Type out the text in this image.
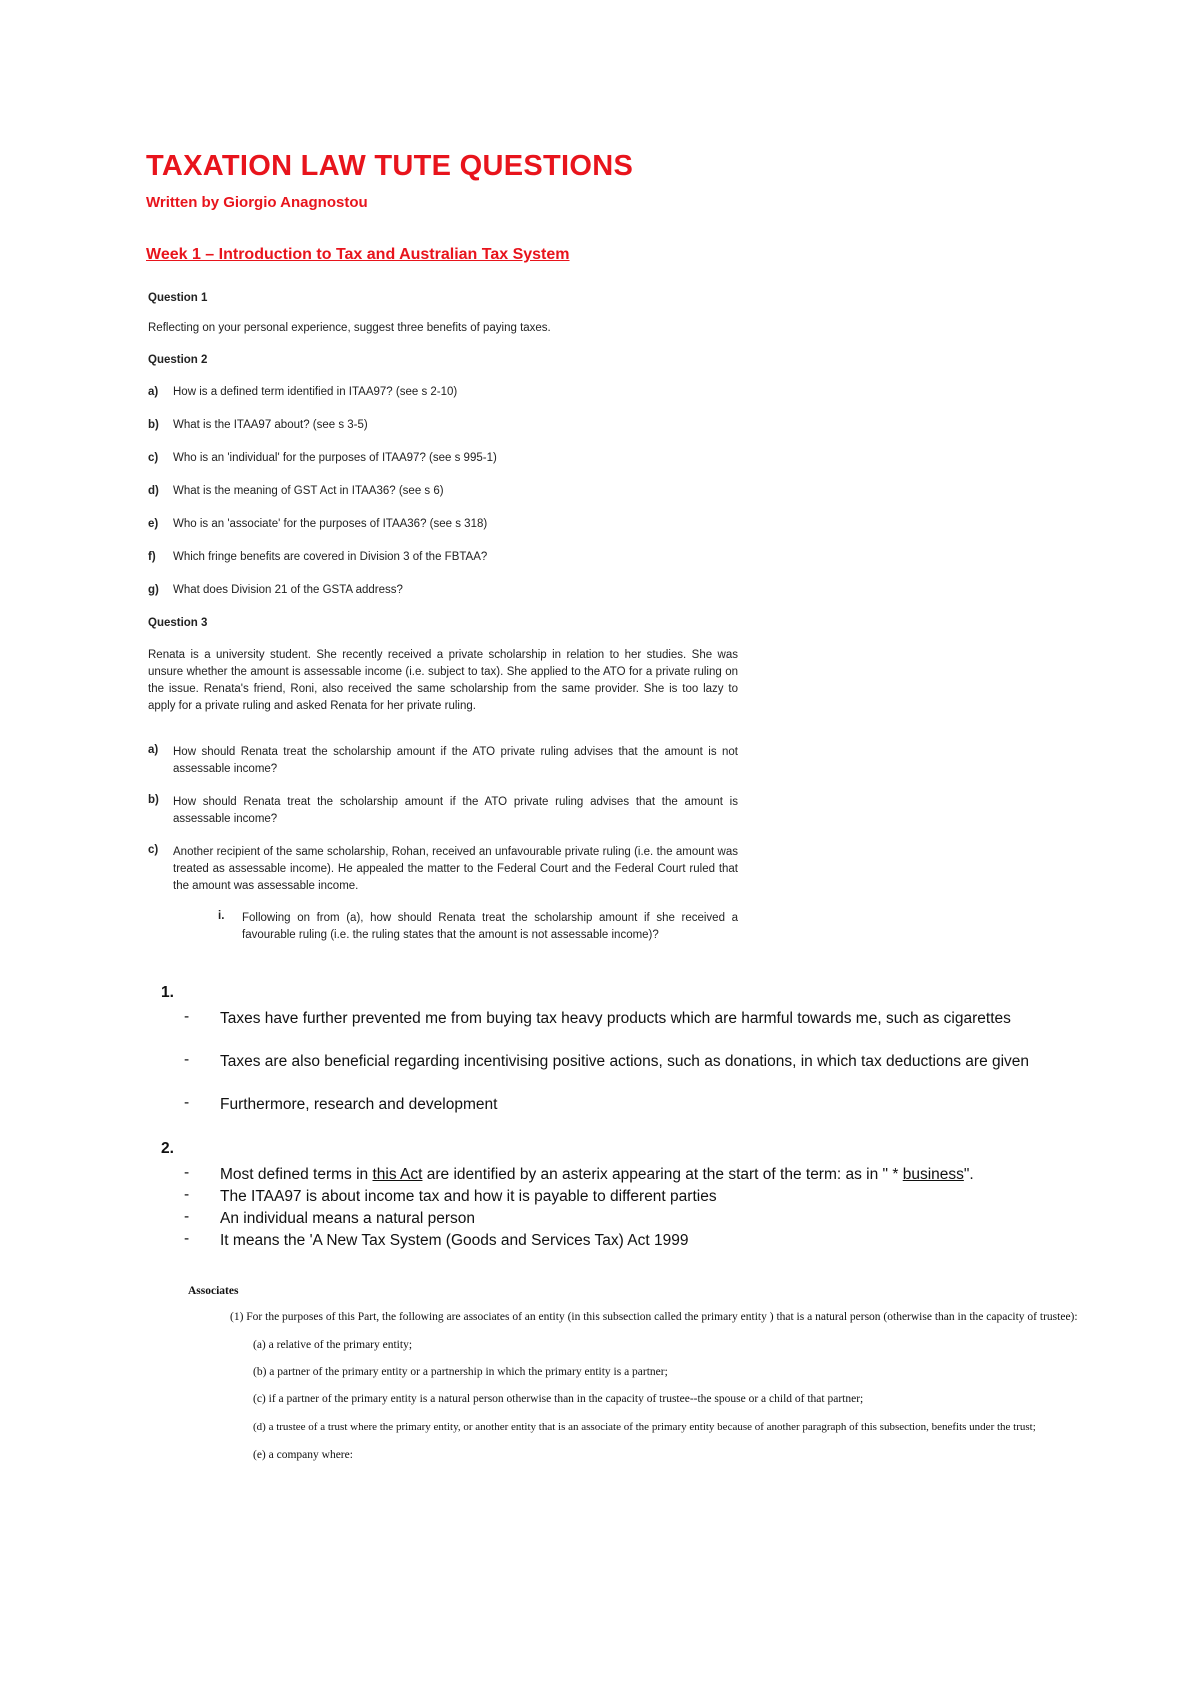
TAXATION LAW TUTE QUESTIONS
Written by Giorgio Anagnostou
Week 1 – Introduction to Tax and Australian Tax System
Question 1
Reflecting on your personal experience, suggest three benefits of paying taxes.
Question 2
a) How is a defined term identified in ITAA97? (see s 2-10)
b) What is the ITAA97 about? (see s 3-5)
c) Who is an 'individual' for the purposes of ITAA97? (see s 995-1)
d) What is the meaning of GST Act in ITAA36? (see s 6)
e) Who is an 'associate' for the purposes of ITAA36? (see s 318)
f) Which fringe benefits are covered in Division 3 of the FBTAA?
g) What does Division 21 of the GSTA address?
Question 3
Renata is a university student. She recently received a private scholarship in relation to her studies. She was unsure whether the amount is assessable income (i.e. subject to tax). She applied to the ATO for a private ruling on the issue. Renata's friend, Roni, also received the same scholarship from the same provider. She is too lazy to apply for a private ruling and asked Renata for her private ruling.
a) How should Renata treat the scholarship amount if the ATO private ruling advises that the amount is not assessable income?
b) How should Renata treat the scholarship amount if the ATO private ruling advises that the amount is assessable income?
c) Another recipient of the same scholarship, Rohan, received an unfavourable private ruling (i.e. the amount was treated as assessable income). He appealed the matter to the Federal Court and the Federal Court ruled that the amount was assessable income.
i. Following on from (a), how should Renata treat the scholarship amount if she received a favourable ruling (i.e. the ruling states that the amount is not assessable income)?
1.
- Taxes have further prevented me from buying tax heavy products which are harmful towards me, such as cigarettes
- Taxes are also beneficial regarding incentivising positive actions, such as donations, in which tax deductions are given
- Furthermore, research and development
2.
- Most defined terms in this Act are identified by an asterix appearing at the start of the term: as in " * business".
- The ITAA97 is about income tax and how it is payable to different parties
- An individual means a natural person
- It means the 'A New Tax System (Goods and Services Tax) Act 1999
Associates
(1) For the purposes of this Part, the following are associates of an entity (in this subsection called the primary entity ) that is a natural person (otherwise than in the capacity of trustee):
(a) a relative of the primary entity;
(b) a partner of the primary entity or a partnership in which the primary entity is a partner;
(c) if a partner of the primary entity is a natural person otherwise than in the capacity of trustee--the spouse or a child of that partner;
(d) a trustee of a trust where the primary entity, or another entity that is an associate of the primary entity because of another paragraph of this subsection, benefits under the trust;
(e) a company where:
